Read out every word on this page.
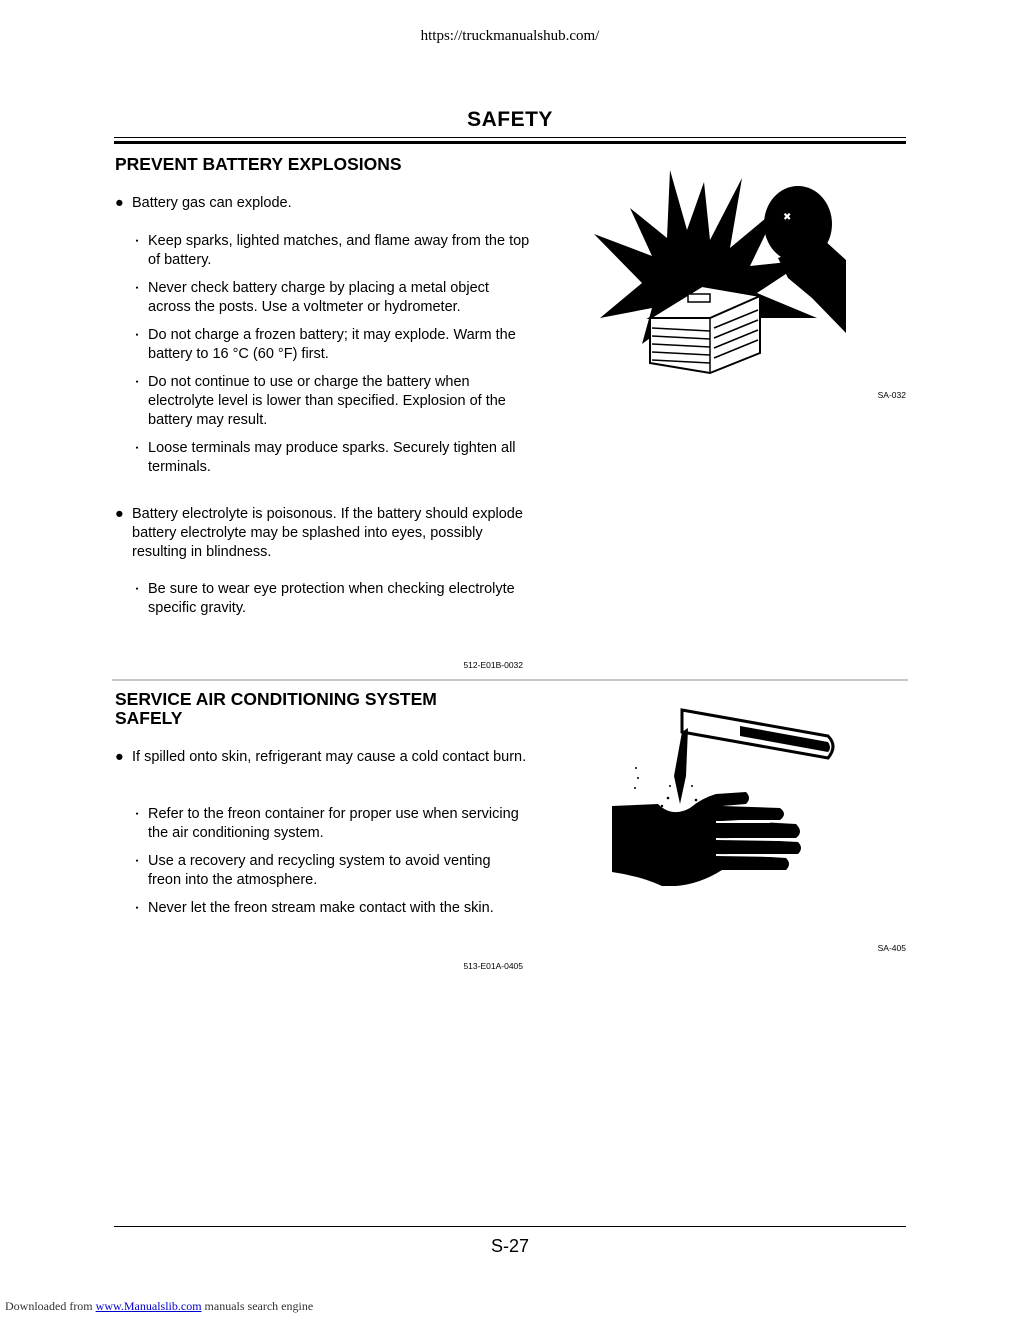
https://truckmanualshub.com/
SAFETY
PREVENT BATTERY EXPLOSIONS
● Battery gas can explode.
・ Keep sparks, lighted matches, and flame away from the top of battery.
・ Never check battery charge by placing a metal object across the posts. Use a voltmeter or hydrometer.
・ Do not charge a frozen battery; it may explode. Warm the battery to 16 °C (60 °F) first.
・ Do not continue to use or charge the battery when electrolyte level is lower than specified. Explosion of the battery may result.
・ Loose terminals may produce sparks. Securely tighten all terminals.
● Battery electrolyte is poisonous. If the battery should explode battery electrolyte may be splashed into eyes, possibly resulting in blindness.
・ Be sure to wear eye protection when checking electrolyte specific gravity.
512-E01B-0032
✖
SA-032
SERVICE AIR CONDITIONING SYSTEM SAFELY
● If spilled onto skin, refrigerant may cause a cold contact burn.
・ Refer to the freon container for proper use when servicing the air conditioning system.
・ Use a recovery and recycling system to avoid venting freon into the atmosphere.
・ Never let the freon stream make contact with the skin.
513-E01A-0405
SA-405
S-27
Downloaded from www.Manualslib.com manuals search engine
